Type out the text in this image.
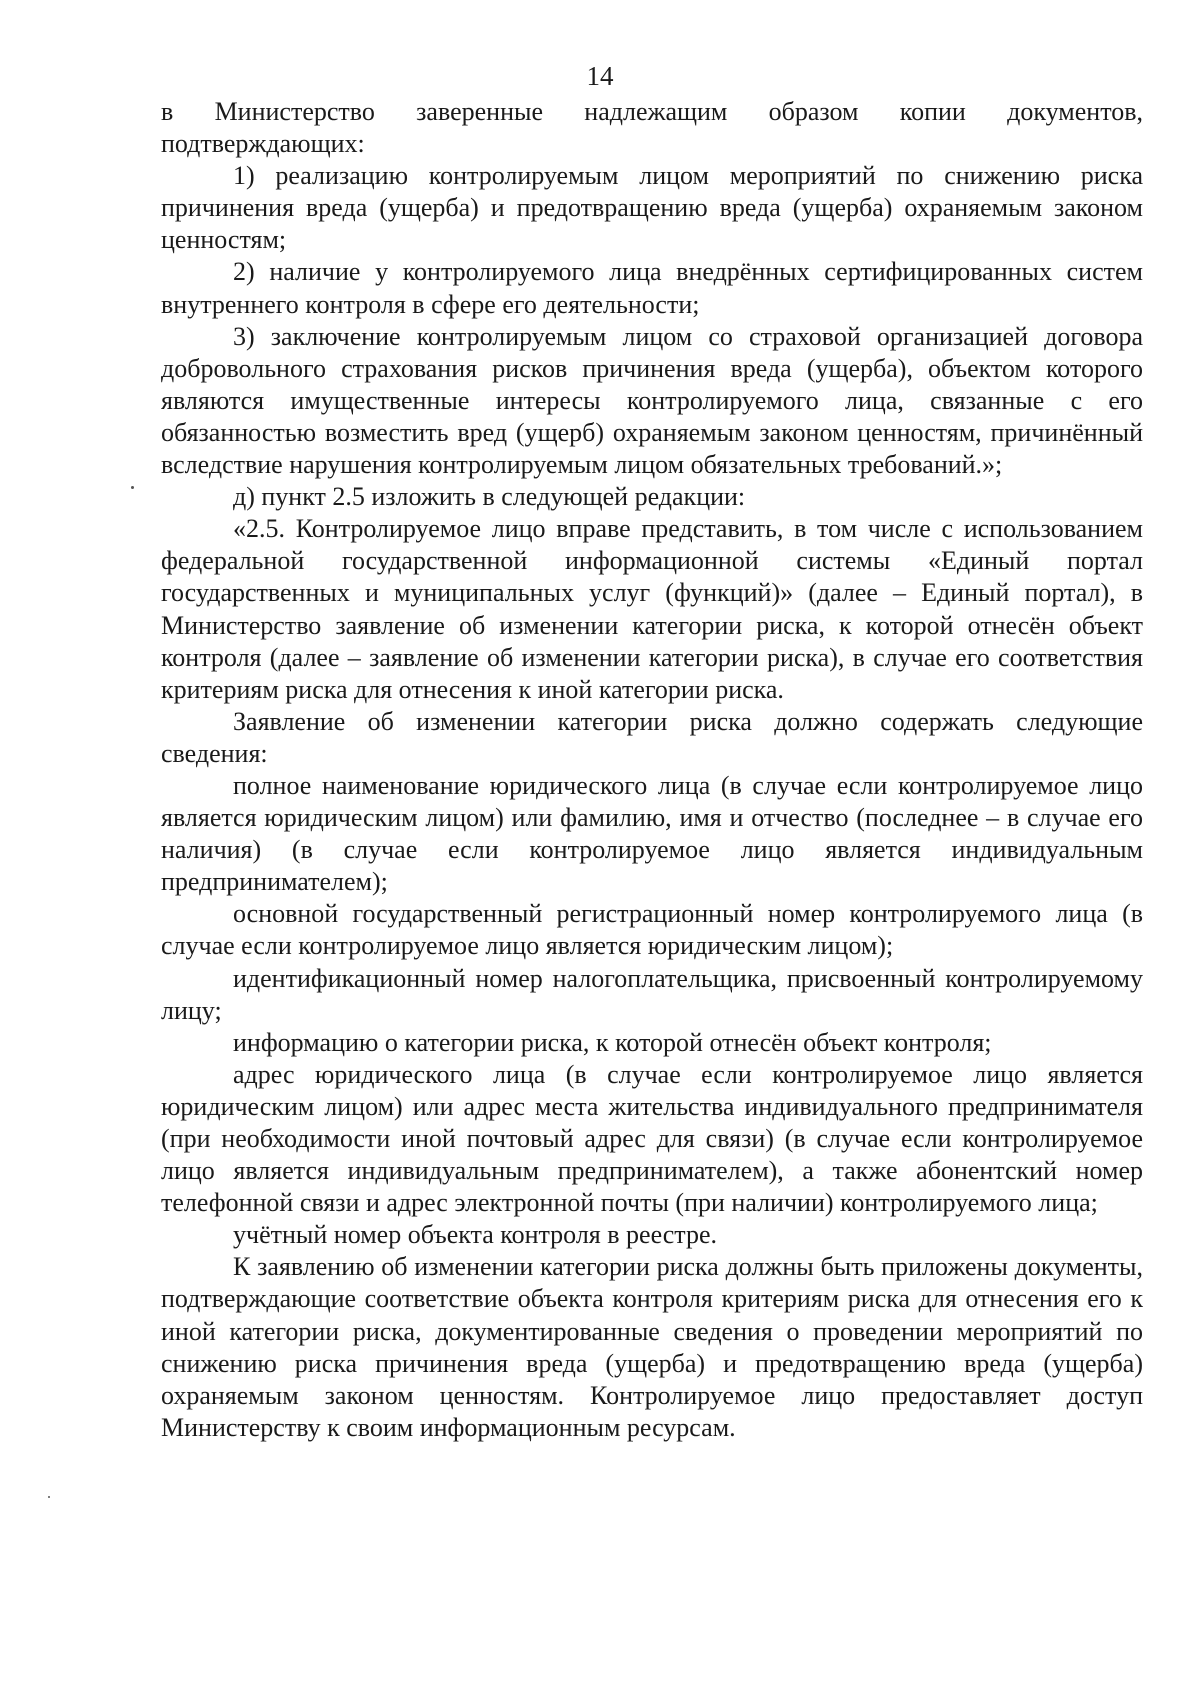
14

в Министерство заверенные надлежащим образом копии документов, подтверждающих:

1) реализацию контролируемым лицом мероприятий по снижению риска причинения вреда (ущерба) и предотвращению вреда (ущерба) охраняемым законом ценностям;

2) наличие у контролируемого лица внедрённых сертифицированных систем внутреннего контроля в сфере его деятельности;

3) заключение контролируемым лицом со страховой организацией договора добровольного страхования рисков причинения вреда (ущерба), объектом которого являются имущественные интересы контролируемого лица, связанные с его обязанностью возместить вред (ущерб) охраняемым законом ценностям, причинённый вследствие нарушения контролируемым лицом обязательных требований.»;

д) пункт 2.5 изложить в следующей редакции:

«2.5. Контролируемое лицо вправе представить, в том числе с использованием федеральной государственной информационной системы «Единый портал государственных и муниципальных услуг (функций)» (далее – Единый портал), в Министерство заявление об изменении категории риска, к которой отнесён объект контроля (далее – заявление об изменении категории риска), в случае его соответствия критериям риска для отнесения к иной категории риска.

Заявление об изменении категории риска должно содержать следующие сведения:

полное наименование юридического лица (в случае если контролируемое лицо является юридическим лицом) или фамилию, имя и отчество (последнее – в случае его наличия) (в случае если контролируемое лицо является индивидуальным предпринимателем);

основной государственный регистрационный номер контролируемого лица (в случае если контролируемое лицо является юридическим лицом);

идентификационный номер налогоплательщика, присвоенный контролируемому лицу;

информацию о категории риска, к которой отнесён объект контроля;

адрес юридического лица (в случае если контролируемое лицо является юридическим лицом) или адрес места жительства индивидуального предпринимателя (при необходимости иной почтовый адрес для связи) (в случае если контролируемое лицо является индивидуальным предпринимателем), а также абонентский номер телефонной связи и адрес электронной почты (при наличии) контролируемого лица;

учётный номер объекта контроля в реестре.

К заявлению об изменении категории риска должны быть приложены документы, подтверждающие соответствие объекта контроля критериям риска для отнесения его к иной категории риска, документированные сведения о проведении мероприятий по снижению риска причинения вреда (ущерба) и предотвращению вреда (ущерба) охраняемым законом ценностям. Контролируемое лицо предоставляет доступ Министерству к своим информационным ресурсам.
